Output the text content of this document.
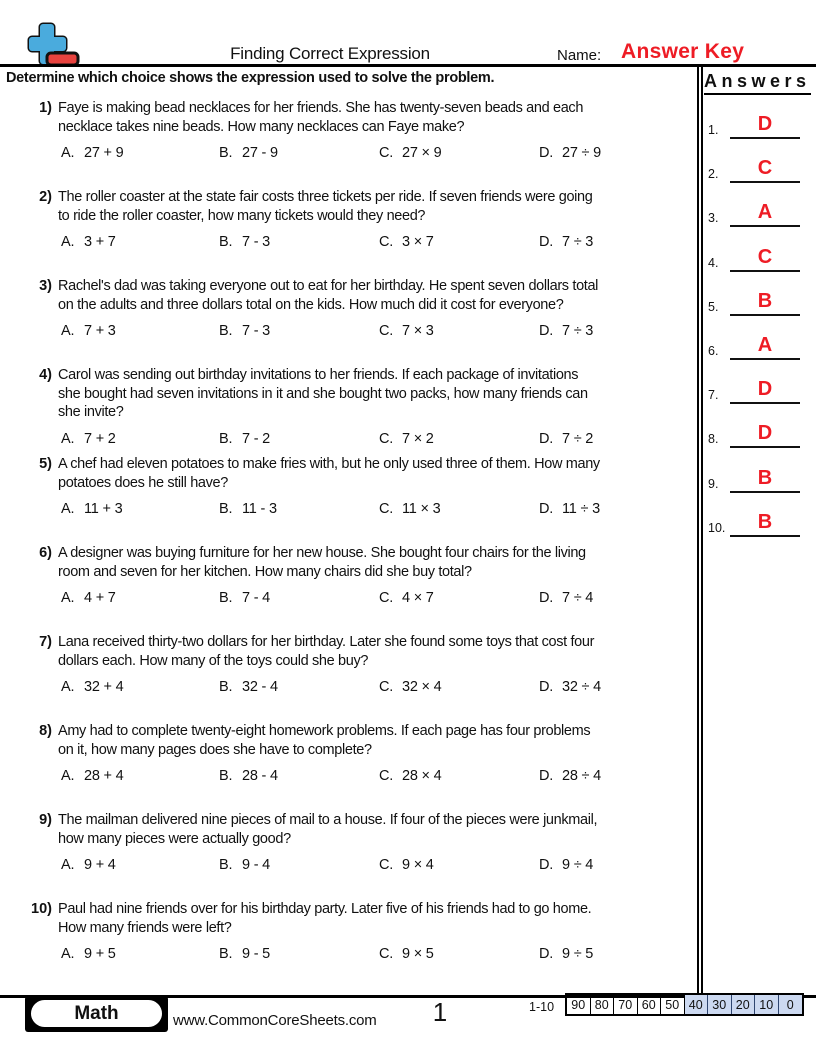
Finding Correct Expression	Name: Answer Key
Determine which choice shows the expression used to solve the problem.
1) Faye is making bead necklaces for her friends. She has twenty-seven beads and each
necklace takes nine beads. How many necklaces can Faye make?
A. 27 + 9	B. 27 - 9	C. 27 × 9	D. 27 ÷ 9
2) The roller coaster at the state fair costs three tickets per ride. If seven friends were going
to ride the roller coaster, how many tickets would they need?
A. 3 + 7	B. 7 - 3	C. 3 × 7	D. 7 ÷ 3
3) Rachel's dad was taking everyone out to eat for her birthday. He spent seven dollars total
on the adults and three dollars total on the kids. How much did it cost for everyone?
A. 7 + 3	B. 7 - 3	C. 7 × 3	D. 7 ÷ 3
4) Carol was sending out birthday invitations to her friends. If each package of invitations
she bought had seven invitations in it and she bought two packs, how many friends can
she invite?
A. 7 + 2	B. 7 - 2	C. 7 × 2	D. 7 ÷ 2
5) A chef had eleven potatoes to make fries with, but he only used three of them. How many
potatoes does he still have?
A. 11 + 3	B. 11 - 3	C. 11 × 3	D. 11 ÷ 3
6) A designer was buying furniture for her new house. She bought four chairs for the living
room and seven for her kitchen. How many chairs did she buy total?
A. 4 + 7	B. 7 - 4	C. 4 × 7	D. 7 ÷ 4
7) Lana received thirty-two dollars for her birthday. Later she found some toys that cost four
dollars each. How many of the toys could she buy?
A. 32 + 4	B. 32 - 4	C. 32 × 4	D. 32 ÷ 4
8) Amy had to complete twenty-eight homework problems. If each page has four problems
on it, how many pages does she have to complete?
A. 28 + 4	B. 28 - 4	C. 28 × 4	D. 28 ÷ 4
9) The mailman delivered nine pieces of mail to a house. If four of the pieces were junkmail,
how many pieces were actually good?
A. 9 + 4	B. 9 - 4	C. 9 × 4	D. 9 ÷ 4
10) Paul had nine friends over for his birthday party. Later five of his friends had to go home.
How many friends were left?
A. 9 + 5	B. 9 - 5	C. 9 × 5	D. 9 ÷ 5
Answers
1.	D
2.	C
3.	A
4.	C
5.	B
6.	A
7.	D
8.	D
9.	B
10.	B
Math	www.CommonCoreSheets.com	1	1-10	90 80 70 60 50 40 30 20 10	0
